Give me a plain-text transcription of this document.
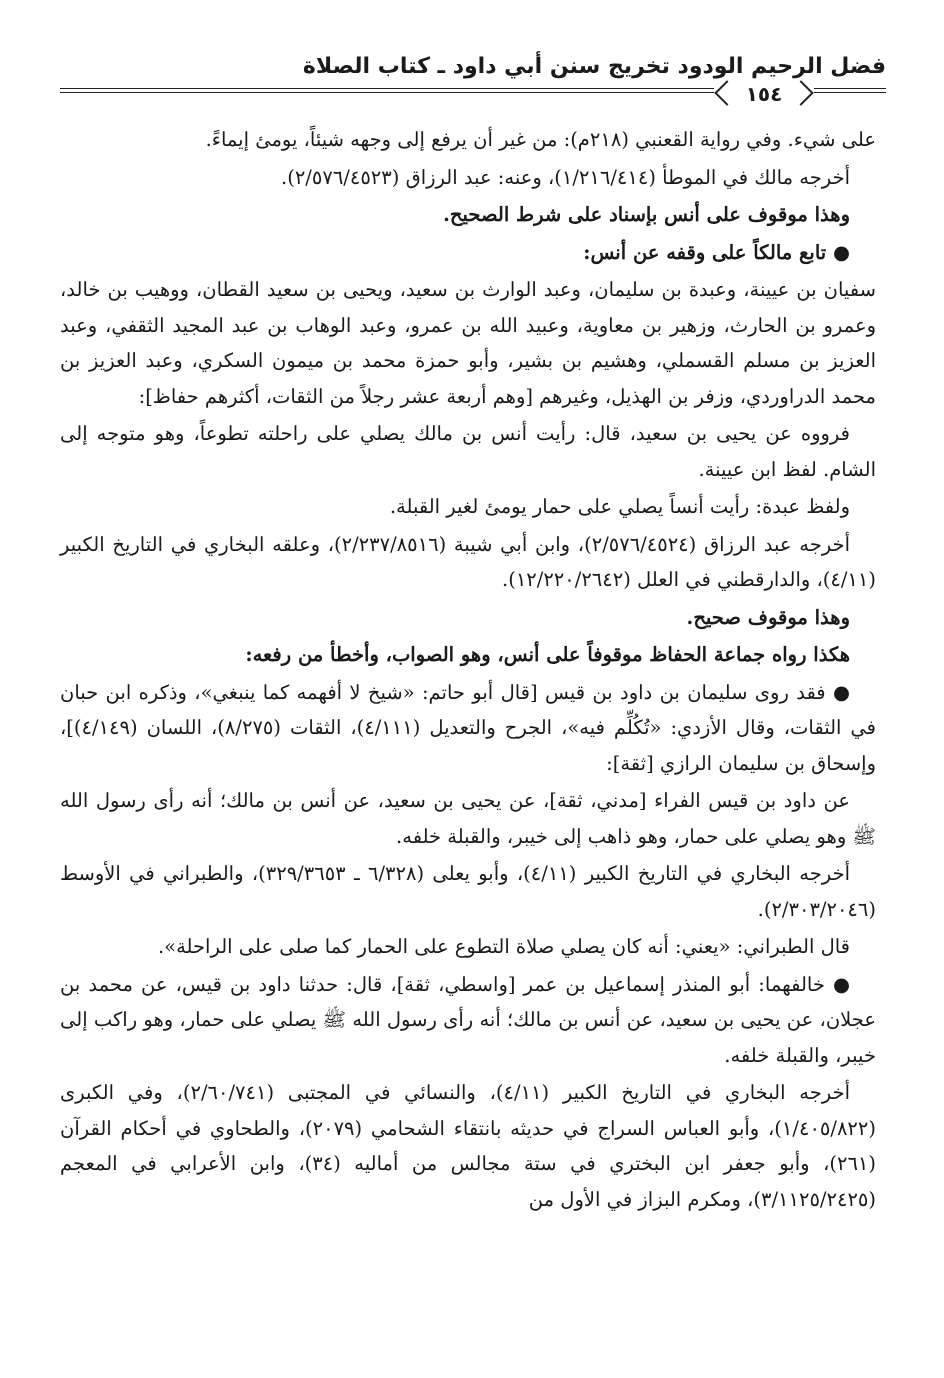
فضل الرحيم الودود تخريج سنن أبي داود ـ كتاب الصلاة
١٥٤

على شيء. وفي رواية القعنبي (٢١٨م): من غير أن يرفع إلى وجهه شيئاً، يومئ إيماءً.

أخرجه مالك في الموطأ (١/٢١٦/٤١٤)، وعنه: عبد الرزاق (٢/٥٧٦/٤٥٢٣).

وهذا موقوف على أنس بإسناد على شرط الصحيح.

● تابع مالكاً على وقفه عن أنس:

سفيان بن عيينة، وعبدة بن سليمان، وعبد الوارث بن سعيد، ويحيى بن سعيد القطان، ووهيب بن خالد، وعمرو بن الحارث، وزهير بن معاوية، وعبيد الله بن عمرو، وعبد الوهاب بن عبد المجيد الثقفي، وعبد العزيز بن مسلم القسملي، وهشيم بن بشير، وأبو حمزة محمد بن ميمون السكري، وعبد العزيز بن محمد الدراوردي، وزفر بن الهذيل، وغيرهم [وهم أربعة عشر رجلاً من الثقات، أكثرهم حفاظ]:

فرووه عن يحيى بن سعيد، قال: رأيت أنس بن مالك يصلي على راحلته تطوعاً، وهو متوجه إلى الشام. لفظ ابن عيينة.

ولفظ عبدة: رأيت أنساً يصلي على حمار يومئ لغير القبلة.

أخرجه عبد الرزاق (٢/٥٧٦/٤٥٢٤)، وابن أبي شيبة (٢/٢٣٧/٨٥١٦)، وعلقه البخاري في التاريخ الكبير (٤/١١)، والدارقطني في العلل (١٢/٢٢٠/٢٦٤٢).

وهذا موقوف صحيح.

هكذا رواه جماعة الحفاظ موقوفاً على أنس، وهو الصواب، وأخطأ من رفعه:

● فقد روى سليمان بن داود بن قيس [قال أبو حاتم: «شيخ لا أفهمه كما ينبغي»، وذكره ابن حبان في الثقات، وقال الأزدي: «تُكُلِّم فيه»، الجرح والتعديل (٤/١١١)، الثقات (٨/٢٧٥)، اللسان (٤/١٤٩)]، وإسحاق بن سليمان الرازي [ثقة]:

عن داود بن قيس الفراء [مدني، ثقة]، عن يحيى بن سعيد، عن أنس بن مالك؛ أنه رأى رسول الله ﷺ وهو يصلي على حمار، وهو ذاهب إلى خيبر، والقبلة خلفه.

أخرجه البخاري في التاريخ الكبير (٤/١١)، وأبو يعلى (٦/٣٢٨ ـ ٣٢٩/٣٦٥٣)، والطبراني في الأوسط (٢/٣٠٣/٢٠٤٦).

قال الطبراني: «يعني: أنه كان يصلي صلاة التطوع على الحمار كما صلى على الراحلة».

● خالفهما: أبو المنذر إسماعيل بن عمر [واسطي، ثقة]، قال: حدثنا داود بن قيس، عن محمد بن عجلان، عن يحيى بن سعيد، عن أنس بن مالك؛ أنه رأى رسول الله ﷺ يصلي على حمار، وهو راكب إلى خيبر، والقبلة خلفه.

أخرجه البخاري في التاريخ الكبير (٤/١١)، والنسائي في المجتبى (٢/٦٠/٧٤١)، وفي الكبرى (١/٤٠٥/٨٢٢)، وأبو العباس السراج في حديثه بانتقاء الشحامي (٢٠٧٩)، والطحاوي في أحكام القرآن (٢٦١)، وأبو جعفر ابن البختري في ستة مجالس من أماليه (٣٤)، وابن الأعرابي في المعجم (٣/١١٢٥/٢٤٢٥)، ومكرم البزاز في الأول من
